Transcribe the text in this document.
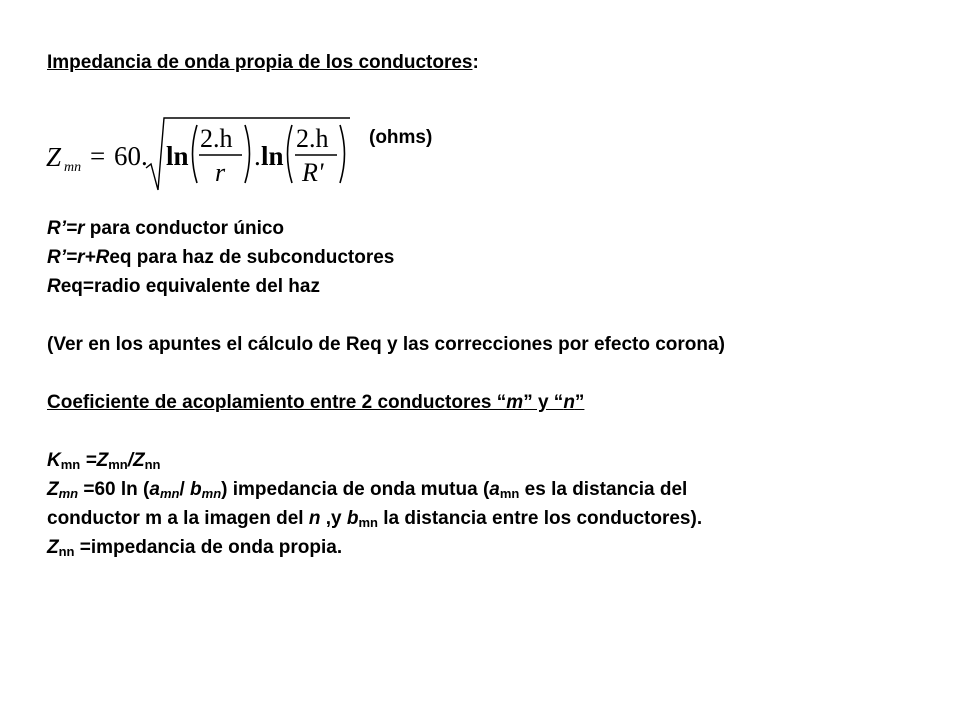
Impedancia de onda propia de los conductores:

Z mn = 60. ln
2.h
r
. ln
2.h
R'

(ohms)

R’=r para conductor único

R’=r+Req para haz de subconductores

Req=radio equivalente del haz

(Ver en los apuntes el cálculo de Req y las correcciones por efecto corona)

Coeficiente de acoplamiento entre 2 conductores “m” y “n”

$K_{mn} =Z_{mn}/Z_{nn}$

$Z_{mn} =60$ $\ln (a_{mn}/$ $b_{mn}$) impedancia de onda mutua ($a_{mn}$ es la distancia del

conductor m a la imagen del n ,y $b_{mn}$ la distancia entre los conductores).

$Z_{nn}$ =impedancia de onda propia.
